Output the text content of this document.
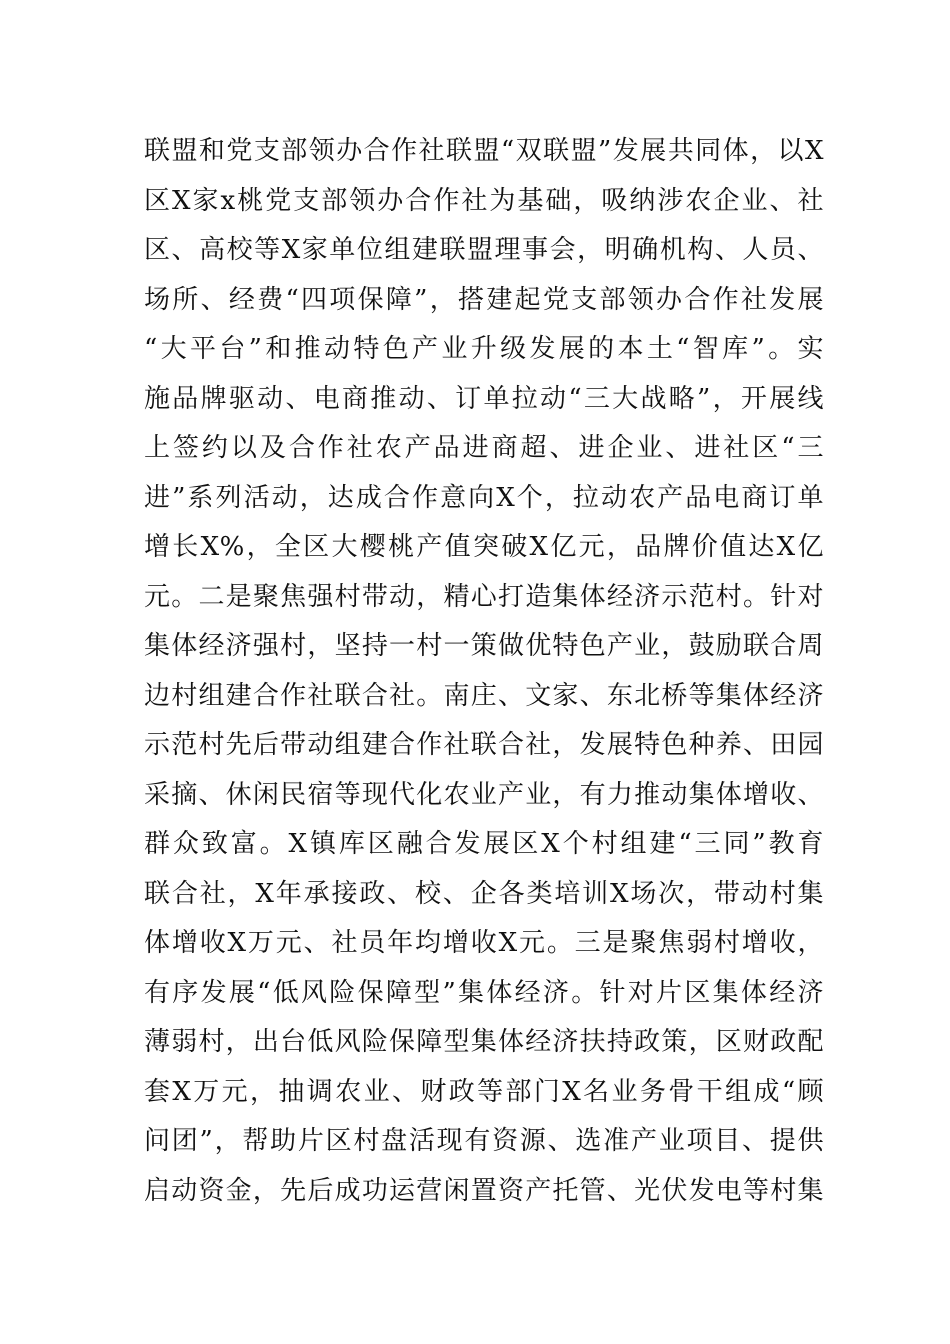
联盟和党支部领办合作社联盟“双联盟”发展共同体，以X
区X家x桃党支部领办合作社为基础，吸纳涉农企业、社
区、高校等X家单位组建联盟理事会，明确机构、人员、
场所、经费“四项保障”，搭建起党支部领办合作社发展
“大平台”和推动特色产业升级发展的本土“智库”。实
施品牌驱动、电商推动、订单拉动“三大战略”，开展线
上签约以及合作社农产品进商超、进企业、进社区“三
进”系列活动，达成合作意向X个，拉动农产品电商订单
增长X%，全区大樱桃产值突破X亿元，品牌价值达X亿
元。二是聚焦强村带动，精心打造集体经济示范村。针对
集体经济强村，坚持一村一策做优特色产业，鼓励联合周
边村组建合作社联合社。南庄、文家、东北桥等集体经济
示范村先后带动组建合作社联合社，发展特色种养、田园
采摘、休闲民宿等现代化农业产业，有力推动集体增收、
群众致富。X镇库区融合发展区X个村组建“三同”教育
联合社，X年承接政、校、企各类培训X场次，带动村集
体增收X万元、社员年均增收X元。三是聚焦弱村增收，
有序发展“低风险保障型”集体经济。针对片区集体经济
薄弱村，出台低风险保障型集体经济扶持政策，区财政配
套X万元，抽调农业、财政等部门X名业务骨干组成“顾
问团”，帮助片区村盘活现有资源、选准产业项目、提供
启动资金，先后成功运营闲置资产托管、光伏发电等村集
